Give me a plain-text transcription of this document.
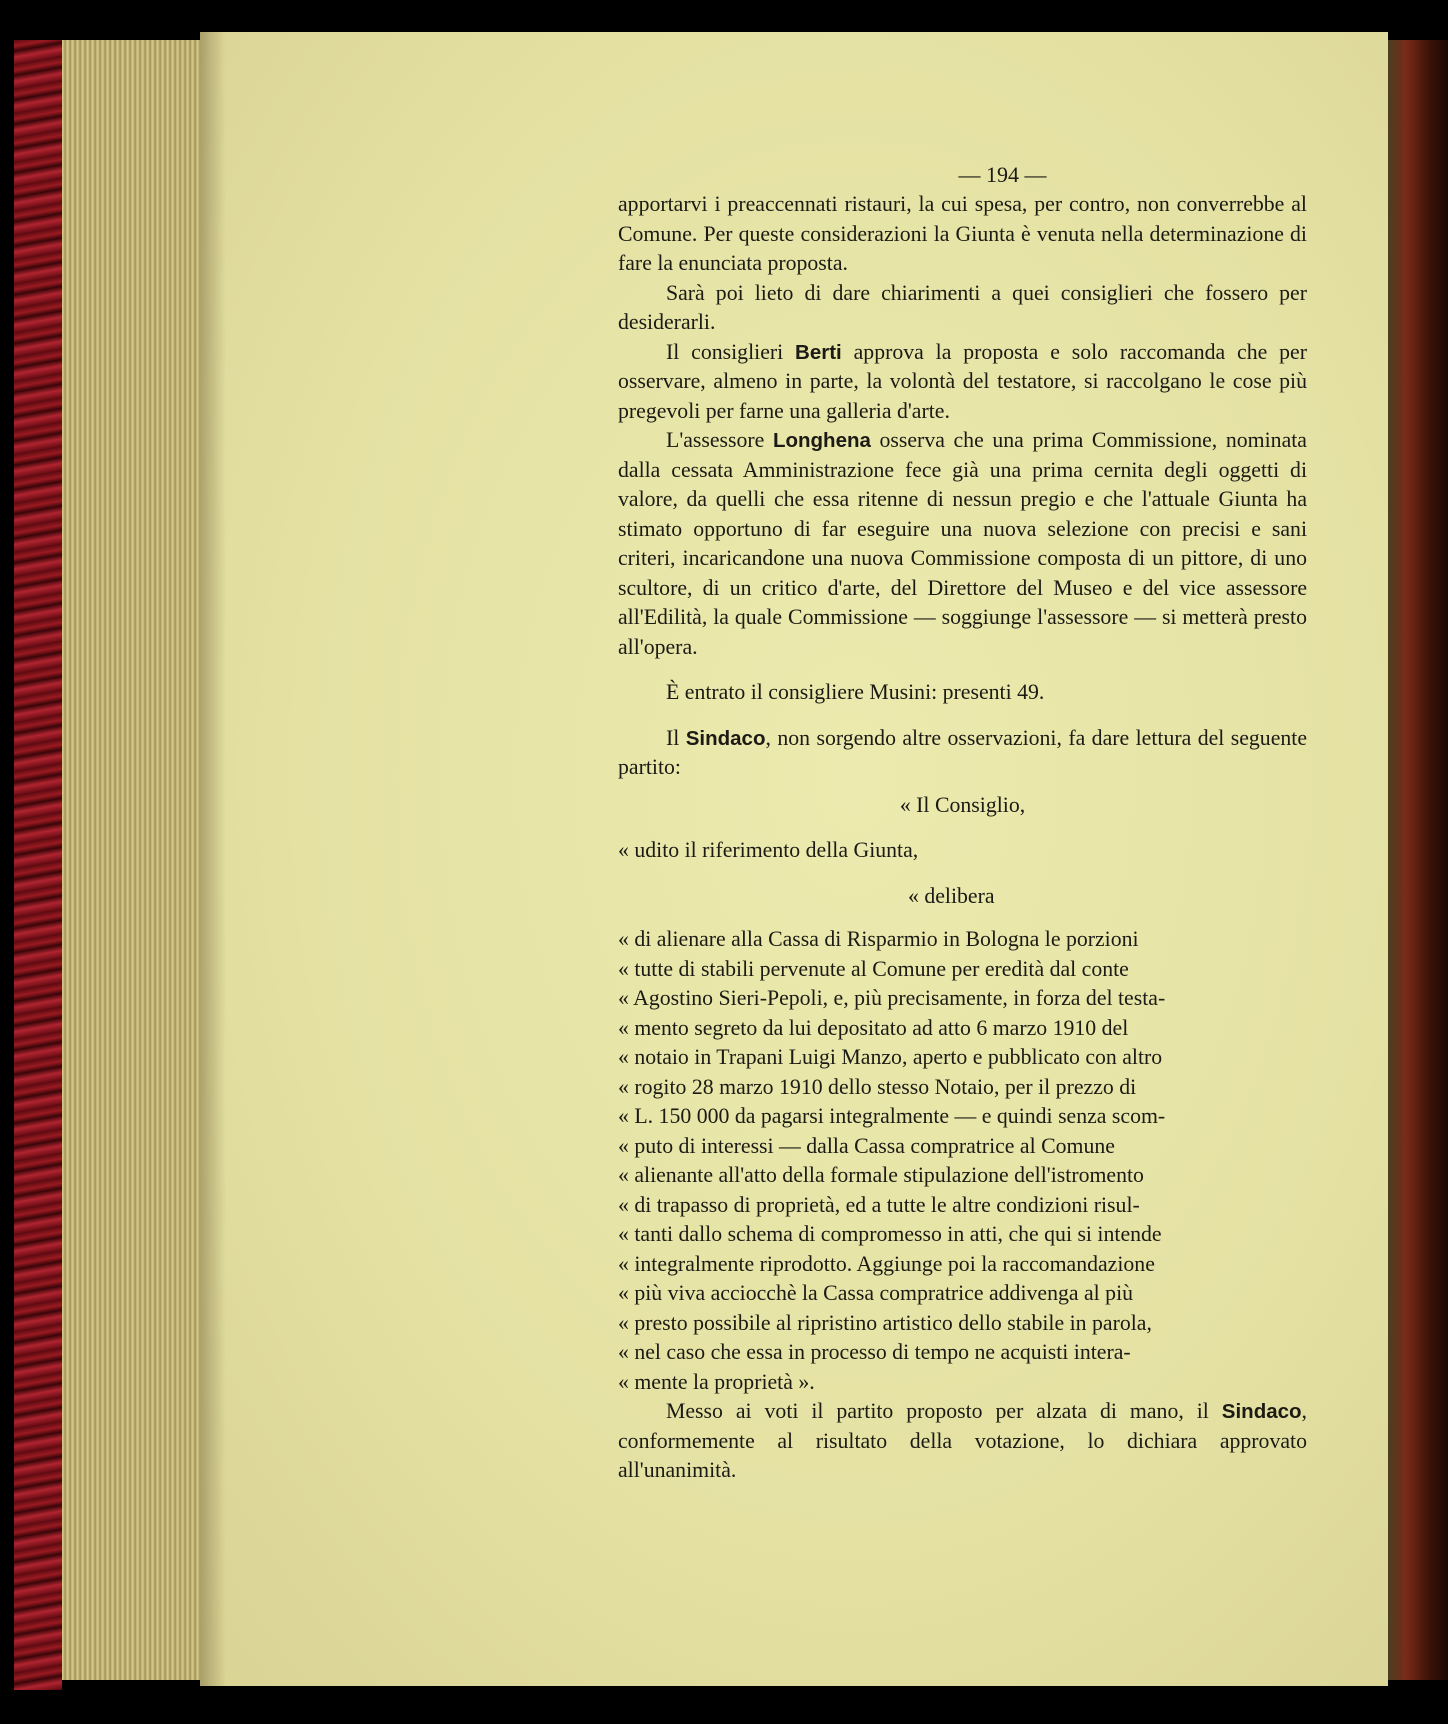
— 194 —

apportarvi i preaccennati ristauri, la cui spesa, per contro, non converrebbe al Comune. Per queste considerazioni la Giunta è venuta nella determinazione di fare la enunciata proposta.

Sarà poi lieto di dare chiarimenti a quei consiglieri che fossero per desiderarli.

Il consiglieri Berti approva la proposta e solo raccomanda che per osservare, almeno in parte, la volontà del testatore, si raccolgano le cose più pregevoli per farne una galleria d'arte.

L'assessore Longhena osserva che una prima Commissione, nominata dalla cessata Amministrazione fece già una prima cernita degli oggetti di valore, da quelli che essa ritenne di nessun pregio e che l'attuale Giunta ha stimato opportuno di far eseguire una nuova selezione con precisi e sani criteri, incaricandone una nuova Commissione composta di un pittore, di uno scultore, di un critico d'arte, del Direttore del Museo e del vice assessore all'Edilità, la quale Commissione — soggiunge l'assessore — si metterà presto all'opera.

È entrato il consigliere Musini: presenti 49.

Il Sindaco, non sorgendo altre osservazioni, fa dare lettura del seguente partito:

« Il Consiglio,

« udito il riferimento della Giunta,

« delibera

« di alienare alla Cassa di Risparmio in Bologna le porzioni

« tutte di stabili pervenute al Comune per eredità dal conte

« Agostino Sieri-Pepoli, e, più precisamente, in forza del testa-

« mento segreto da lui depositato ad atto 6 marzo 1910 del

« notaio in Trapani Luigi Manzo, aperto e pubblicato con altro

« rogito 28 marzo 1910 dello stesso Notaio, per il prezzo di

« L. 150 000 da pagarsi integralmente — e quindi senza scom-

« puto di interessi — dalla Cassa compratrice al Comune

« alienante all'atto della formale stipulazione dell'istromento

« di trapasso di proprietà, ed a tutte le altre condizioni risul-

« tanti dallo schema di compromesso in atti, che qui si intende

« integralmente riprodotto. Aggiunge poi la raccomandazione

« più viva acciocchè la Cassa compratrice addivenga al più

« presto possibile al ripristino artistico dello stabile in parola,

« nel caso che essa in processo di tempo ne acquisti intera-

« mente la proprietà ».

Messo ai voti il partito proposto per alzata di mano, il Sindaco, conformemente al risultato della votazione, lo dichiara approvato all'unanimità.
